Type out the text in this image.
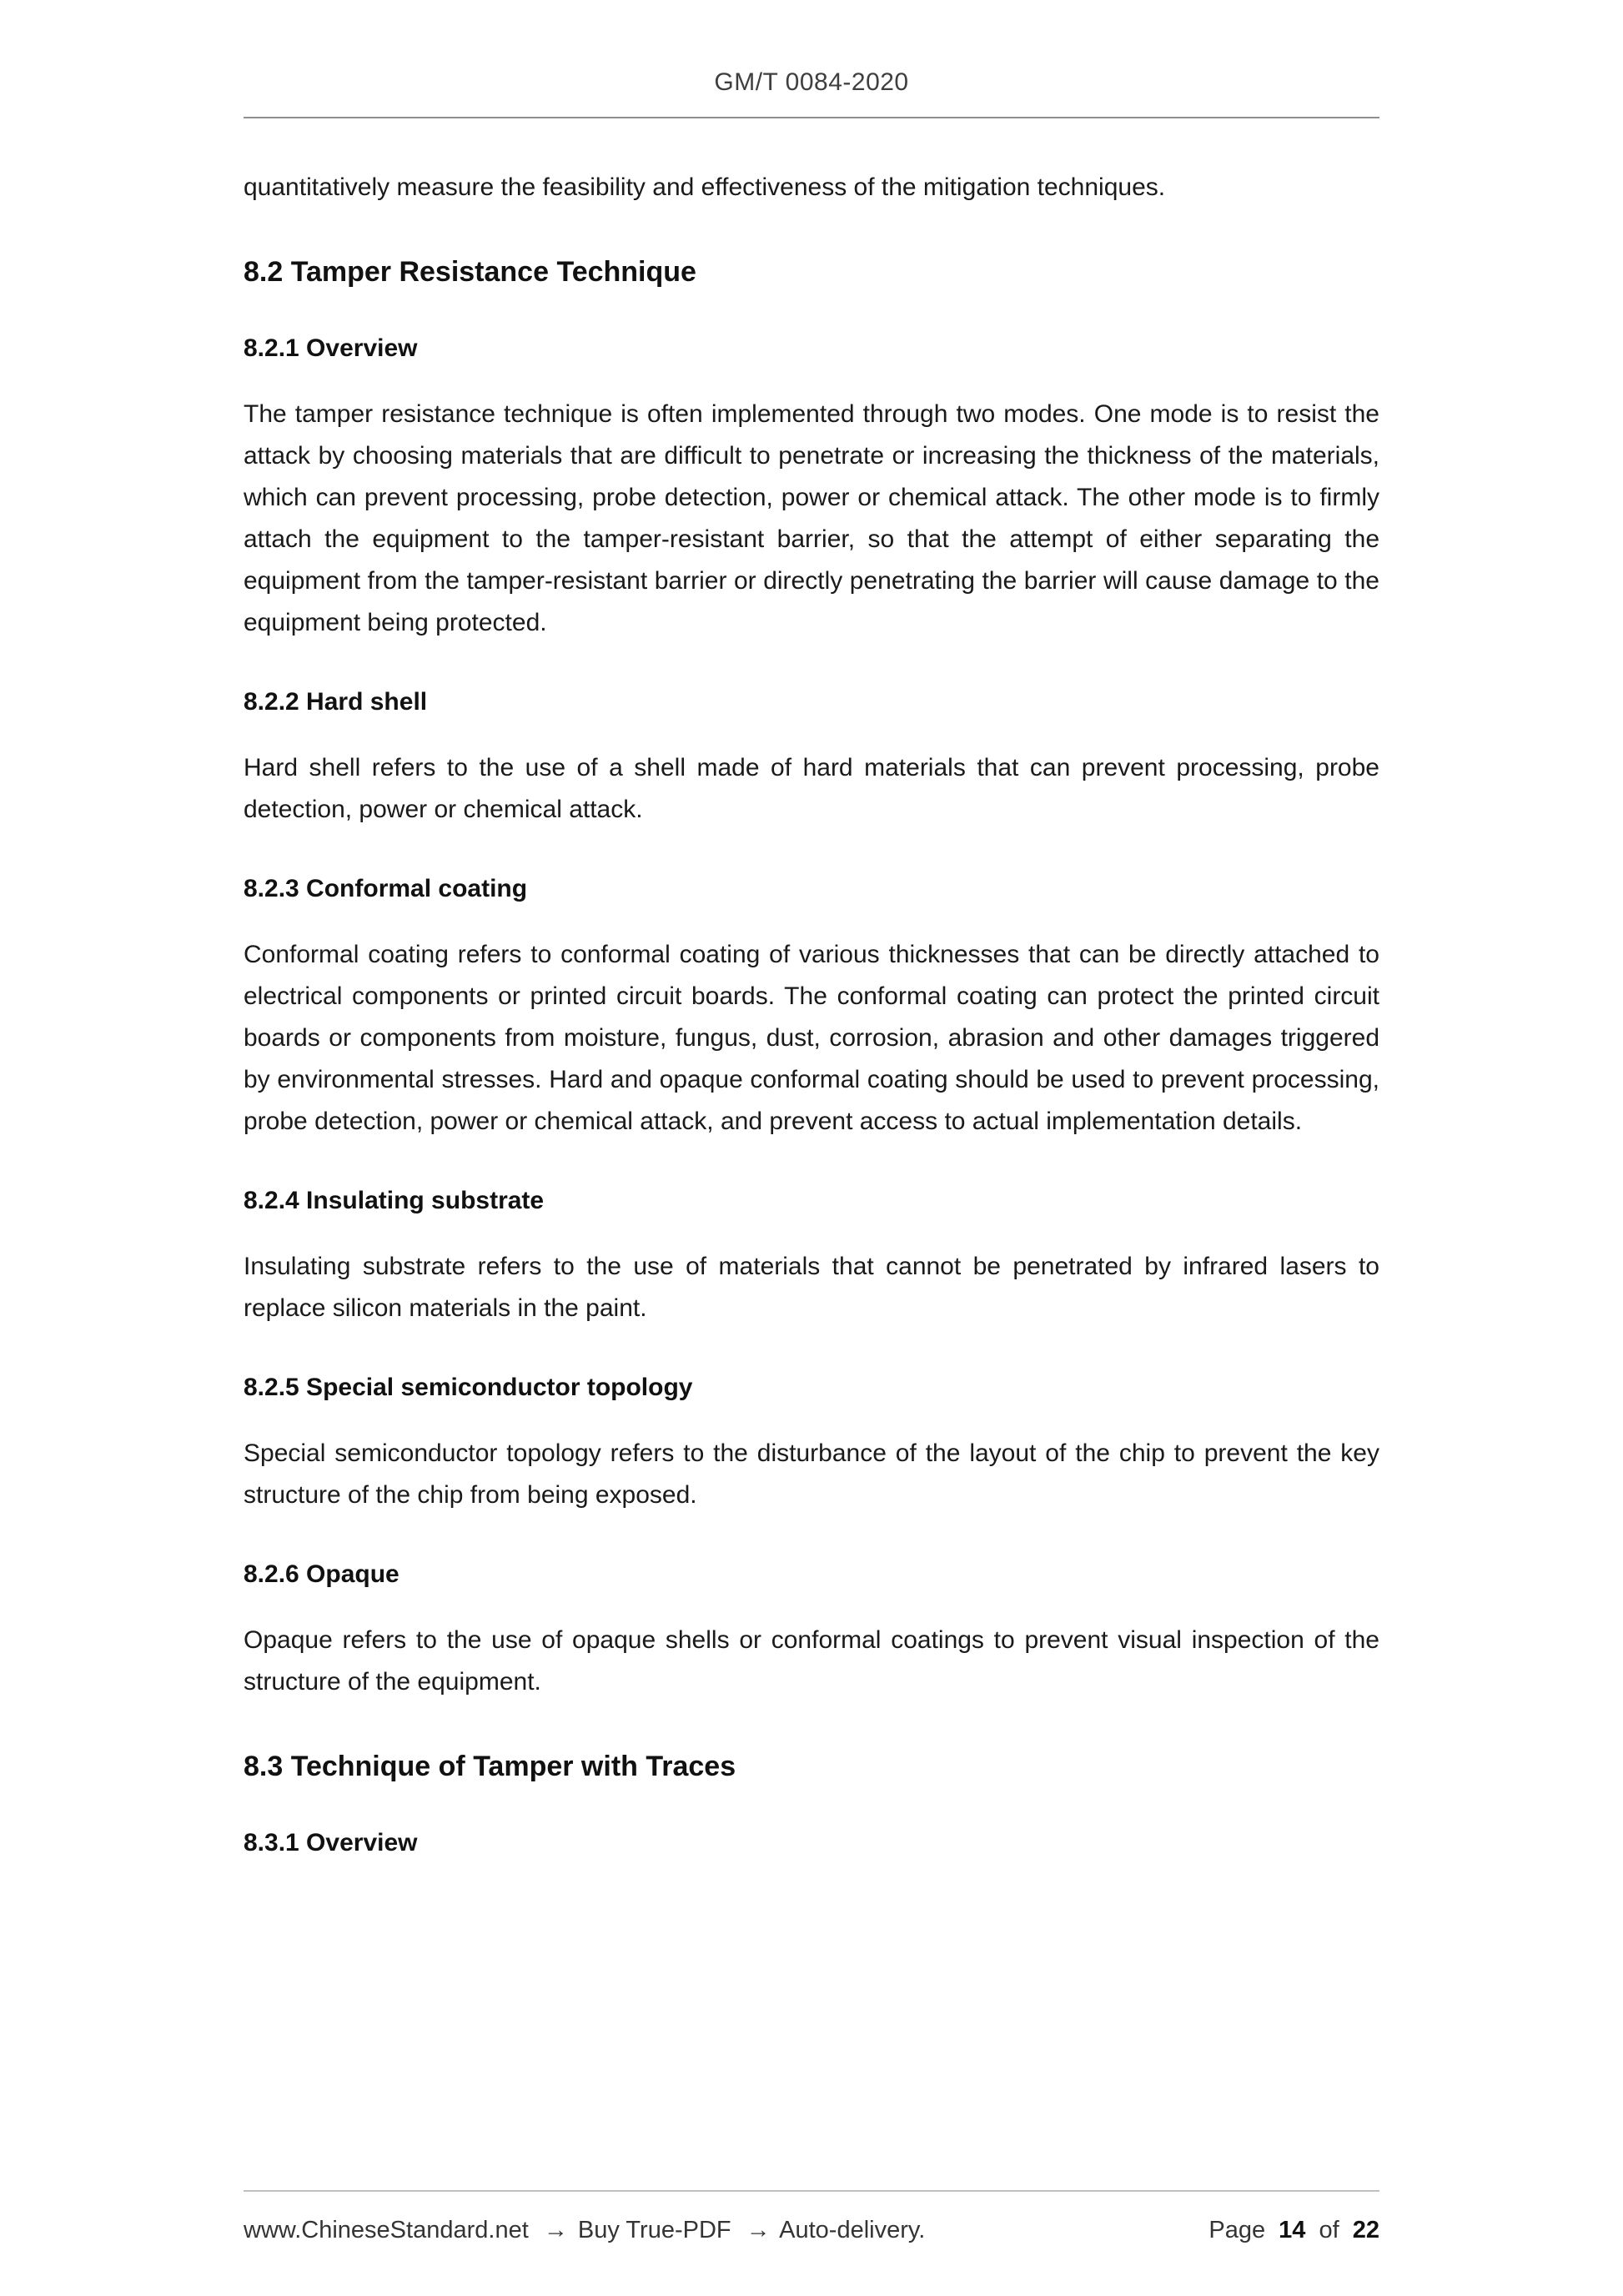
GM/T 0084-2020

quantitatively measure the feasibility and effectiveness of the mitigation techniques.

8.2 Tamper Resistance Technique
8.2.1 Overview

The tamper resistance technique is often implemented through two modes. One mode is to resist the attack by choosing materials that are difficult to penetrate or increasing the thickness of the materials, which can prevent processing, probe detection, power or chemical attack. The other mode is to firmly attach the equipment to the tamper-resistant barrier, so that the attempt of either separating the equipment from the tamper-resistant barrier or directly penetrating the barrier will cause damage to the equipment being protected.

8.2.2 Hard shell

Hard shell refers to the use of a shell made of hard materials that can prevent processing, probe detection, power or chemical attack.

8.2.3 Conformal coating

Conformal coating refers to conformal coating of various thicknesses that can be directly attached to electrical components or printed circuit boards. The conformal coating can protect the printed circuit boards or components from moisture, fungus, dust, corrosion, abrasion and other damages triggered by environmental stresses. Hard and opaque conformal coating should be used to prevent processing, probe detection, power or chemical attack, and prevent access to actual implementation details.

8.2.4 Insulating substrate

Insulating substrate refers to the use of materials that cannot be penetrated by infrared lasers to replace silicon materials in the paint.

8.2.5 Special semiconductor topology

Special semiconductor topology refers to the disturbance of the layout of the chip to prevent the key structure of the chip from being exposed.

8.2.6 Opaque

Opaque refers to the use of opaque shells or conformal coatings to prevent visual inspection of the structure of the equipment.

8.3 Technique of Tamper with Traces
8.3.1 Overview
www.ChineseStandard.net → Buy True-PDF → Auto-delivery.	Page 14 of 22
